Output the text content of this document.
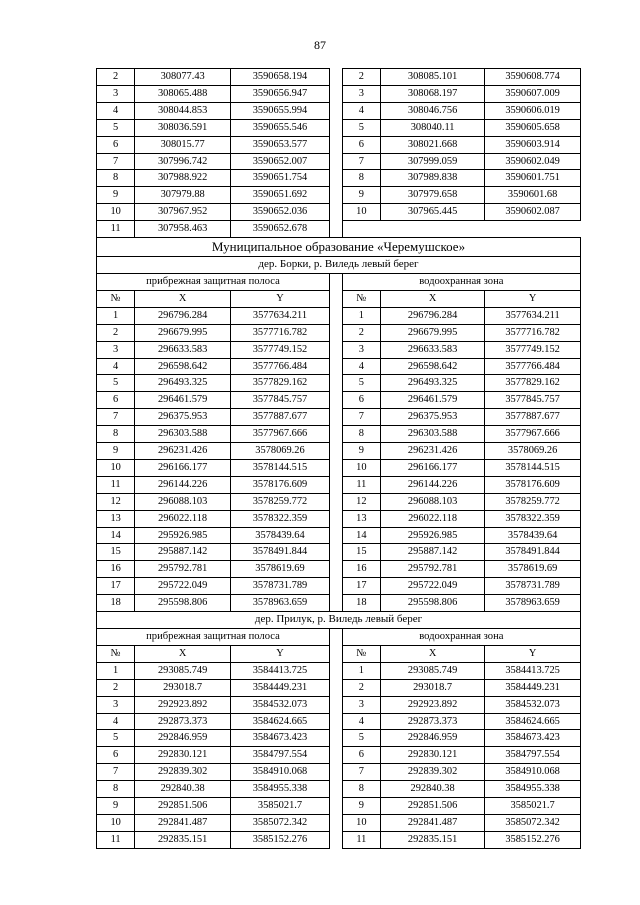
87
2	308077.43	3590658.194		2	308085.101	3590608.774
3	308065.488	3590656.947		3	308068.197	3590607.009
4	308044.853	3590655.994		4	308046.756	3590606.019
5	308036.591	3590655.546		5	308040.11	3590605.658
6	308015.77	3590653.577		6	308021.668	3590603.914
7	307996.742	3590652.007		7	307999.059	3590602.049
8	307988.922	3590651.754		8	307989.838	3590601.751
9	307979.88	3590651.692		9	307979.658	3590601.68
10	307967.952	3590652.036		10	307965.445	3590602.087
11	307958.463	3590652.678				
Муниципальное образование «Черемушское»						
дер. Борки, р. Виледь левый берег						
прибрежная защитная полоса				водоохранная зона		
№	X	Y		№	X	Y
1	296796.284	3577634.211		1	296796.284	3577634.211
2	296679.995	3577716.782		2	296679.995	3577716.782
3	296633.583	3577749.152		3	296633.583	3577749.152
4	296598.642	3577766.484		4	296598.642	3577766.484
5	296493.325	3577829.162		5	296493.325	3577829.162
6	296461.579	3577845.757		6	296461.579	3577845.757
7	296375.953	3577887.677		7	296375.953	3577887.677
8	296303.588	3577967.666		8	296303.588	3577967.666
9	296231.426	3578069.26		9	296231.426	3578069.26
10	296166.177	3578144.515		10	296166.177	3578144.515
11	296144.226	3578176.609		11	296144.226	3578176.609
12	296088.103	3578259.772		12	296088.103	3578259.772
13	296022.118	3578322.359		13	296022.118	3578322.359
14	295926.985	3578439.64		14	295926.985	3578439.64
15	295887.142	3578491.844		15	295887.142	3578491.844
16	295792.781	3578619.69		16	295792.781	3578619.69
17	295722.049	3578731.789		17	295722.049	3578731.789
18	295598.806	3578963.659		18	295598.806	3578963.659
дер. Прилук, р. Виледь левый берег						
прибрежная защитная полоса				водоохранная зона		
№	X	Y		№	X	Y
1	293085.749	3584413.725		1	293085.749	3584413.725
2	293018.7	3584449.231		2	293018.7	3584449.231
3	292923.892	3584532.073		3	292923.892	3584532.073
4	292873.373	3584624.665		4	292873.373	3584624.665
5	292846.959	3584673.423		5	292846.959	3584673.423
6	292830.121	3584797.554		6	292830.121	3584797.554
7	292839.302	3584910.068		7	292839.302	3584910.068
8	292840.38	3584955.338		8	292840.38	3584955.338
9	292851.506	3585021.7		9	292851.506	3585021.7
10	292841.487	3585072.342		10	292841.487	3585072.342
11	292835.151	3585152.276		11	292835.151	3585152.276
